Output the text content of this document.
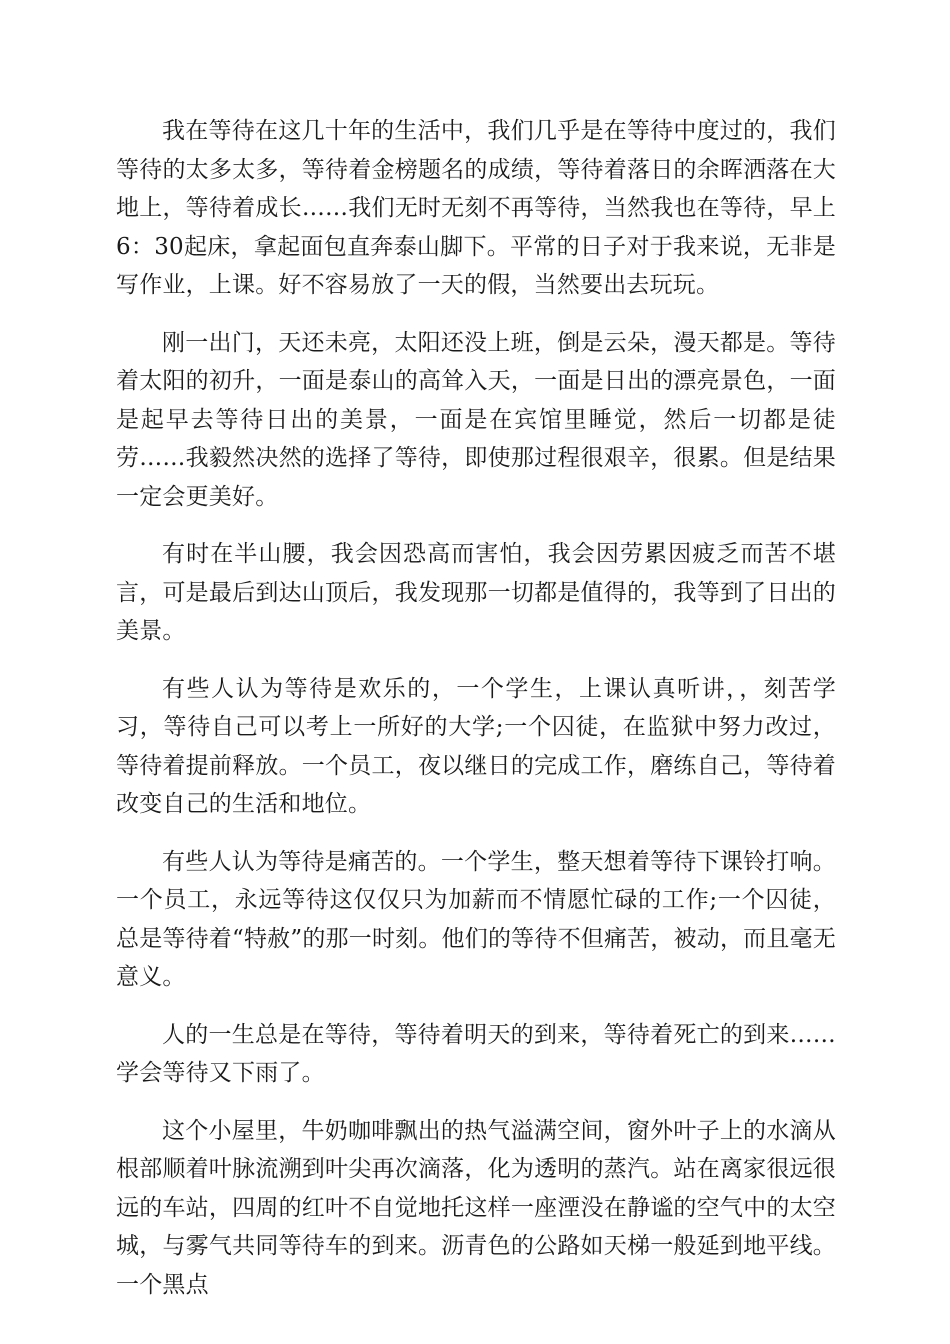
我在等待在这几十年的生活中，我们几乎是在等待中度过的，我们等待的太多太多，等待着金榜题名的成绩，等待着落日的余晖洒落在大地上，等待着成长……我们无时无刻不再等待，当然我也在等待，早上6：30起床，拿起面包直奔泰山脚下。平常的日子对于我来说，无非是写作业，上课。好不容易放了一天的假，当然要出去玩玩。

刚一出门，天还未亮，太阳还没上班，倒是云朵，漫天都是。等待着太阳的初升，一面是泰山的高耸入天，一面是日出的漂亮景色，一面是起早去等待日出的美景，一面是在宾馆里睡觉，然后一切都是徒劳……我毅然决然的选择了等待，即使那过程很艰辛，很累。但是结果一定会更美好。

有时在半山腰，我会因恐高而害怕，我会因劳累因疲乏而苦不堪言，可是最后到达山顶后，我发现那一切都是值得的，我等到了日出的美景。

有些人认为等待是欢乐的，一个学生，上课认真听讲，，刻苦学习，等待自己可以考上一所好的大学;一个囚徒，在监狱中努力改过，等待着提前释放。一个员工，夜以继日的完成工作，磨练自己，等待着改变自己的生活和地位。

有些人认为等待是痛苦的。一个学生，整天想着等待下课铃打响。一个员工，永远等待这仅仅只为加薪而不情愿忙碌的工作;一个囚徒，总是等待着“特赦”的那一时刻。他们的等待不但痛苦，被动，而且毫无意义。

人的一生总是在等待，等待着明天的到来，等待着死亡的到来……学会等待又下雨了。

这个小屋里，牛奶咖啡飘出的热气溢满空间，窗外叶子上的水滴从根部顺着叶脉流溯到叶尖再次滴落，化为透明的蒸汽。站在离家很远很远的车站，四周的红叶不自觉地托这样一座湮没在静谧的空气中的太空城，与雾气共同等待车的到来。沥青色的公路如天梯一般延到地平线。一个黑点
